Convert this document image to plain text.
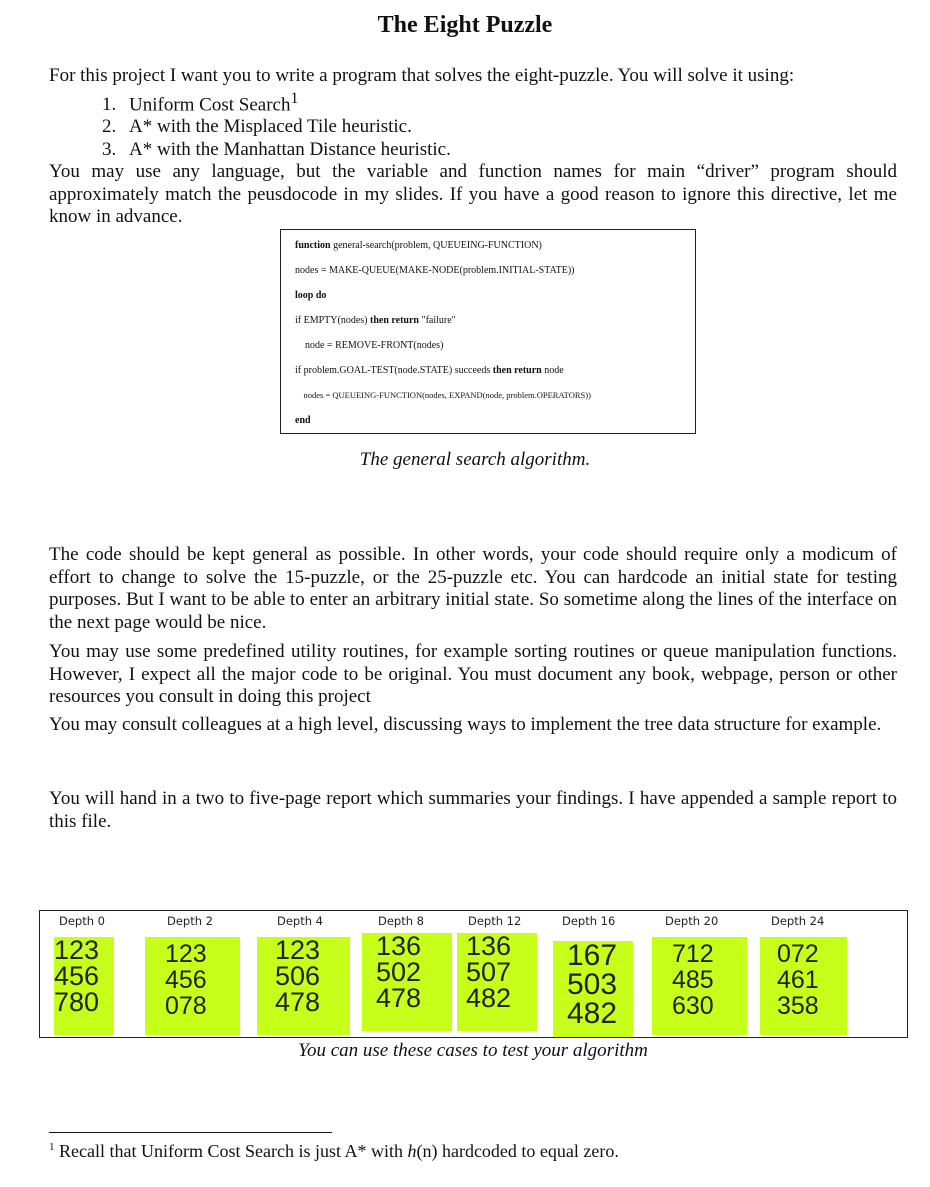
The Eight Puzzle
For this project I want you to write a program that solves the eight-puzzle. You will solve it using:
1. Uniform Cost Search$^1$
2. A* with the Misplaced Tile heuristic.
3. A* with the Manhattan Distance heuristic.
You may use any language, but the variable and function names for main “driver” program should approximately match the peusdocode in my slides. If you have a good reason to ignore this directive, let me know in advance.
function general-search(problem, QUEUEING-FUNCTION)
nodes = MAKE-QUEUE(MAKE-NODE(problem.INITIAL-STATE))
loop do
if EMPTY(nodes) then return "failure"
node = REMOVE-FRONT(nodes)
if problem.GOAL-TEST(node.STATE) succeeds then return node
nodes = QUEUEING-FUNCTION(nodes, EXPAND(node, problem.OPERATORS))
end
The general search algorithm.
The code should be kept general as possible. In other words, your code should require only a modicum of effort to change to solve the 15-puzzle, or the 25-puzzle etc. You can hardcode an initial state for testing purposes. But I want to be able to enter an arbitrary initial state. So sometime along the lines of the interface on the next page would be nice.
You may use some predefined utility routines, for example sorting routines or queue manipulation functions. However, I expect all the major code to be original. You must document any book, webpage, person or other resources you consult in doing this project
You may consult colleagues at a high level, discussing ways to implement the tree data structure for example.
You will hand in a two to five-page report which summaries your findings. I have appended a sample report to this file.
Depth 0
123
456
780
Depth 2
123
456
078
Depth 4
123
506
478
Depth 8
136
502
478
Depth 12
136
507
482
Depth 16
167
503
482
Depth 20
712
485
630
Depth 24
072
461
358
You can use these cases to test your algorithm
$^1$ Recall that Uniform Cost Search is just A* with h(n) hardcoded to equal zero.
